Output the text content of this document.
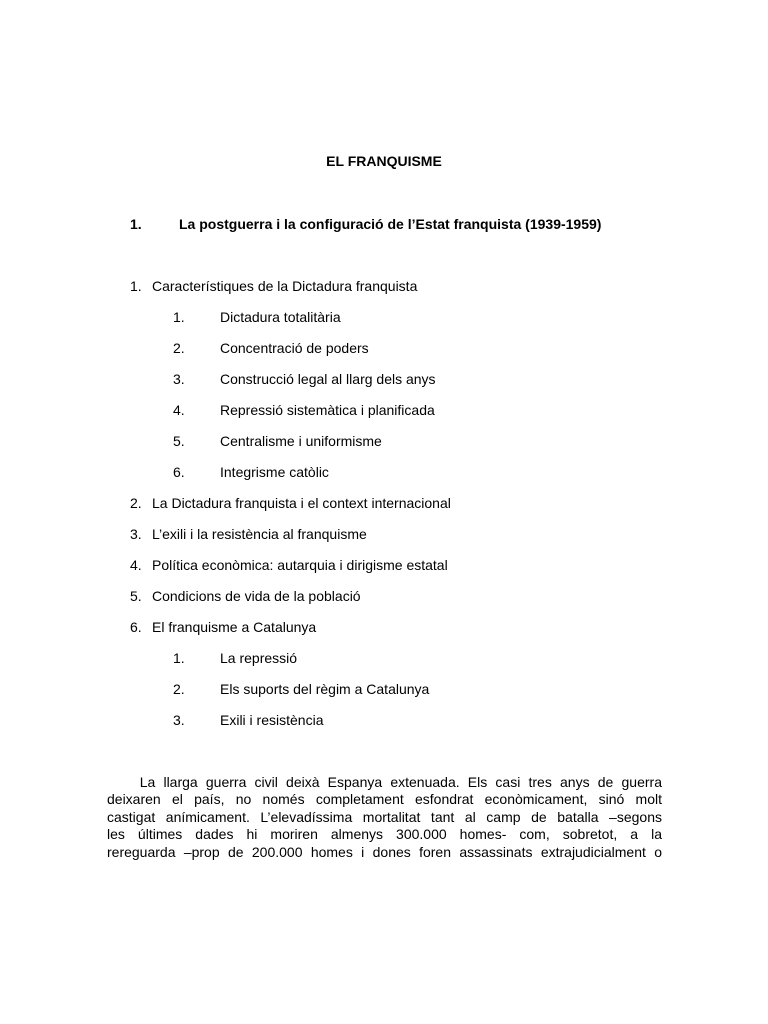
EL FRANQUISME
1.	La postguerra i la configuració de l’Estat franquista (1939-1959)
1. Característiques de la Dictadura franquista
1.	Dictadura totalitària
2.	Concentració de poders
3.	Construcció legal al llarg dels anys
4.	Repressió sistemàtica i planificada
5.	Centralisme i uniformisme
6.	Integrisme catòlic
2. La Dictadura franquista i el context internacional
3. L’exili i la resistència al franquisme
4. Política econòmica: autarquia i dirigisme estatal
5. Condicions de vida de la població
6. El franquisme a Catalunya
1.	La repressió
2.	Els suports del règim a Catalunya
3.	Exili i resistència
La llarga guerra civil deixà Espanya extenuada. Els casi tres anys de guerra
deixaren el país, no només completament esfondrat econòmicament, sinó molt
castigat anímicament. L’elevadíssima mortalitat tant al camp de batalla –segons
les últimes dades hi moriren almenys 300.000 homes- com, sobretot, a la
rereguarda –prop de 200.000 homes i dones foren assassinats extrajudicialment o
